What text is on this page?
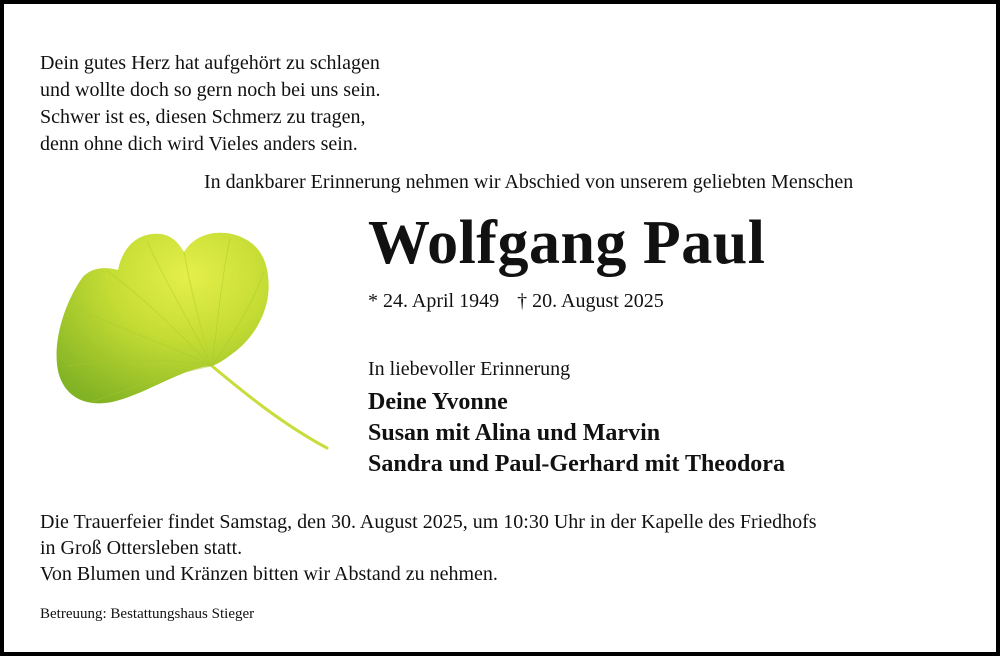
Dein gutes Herz hat aufgehört zu schlagen
und wollte doch so gern noch bei uns sein.
Schwer ist es, diesen Schmerz zu tragen,
denn ohne dich wird Vieles anders sein.
In dankbarer Erinnerung nehmen wir Abschied von unserem geliebten Menschen
Wolfgang Paul
* 24. April 1949 † 20. August 2025
In liebevoller Erinnerung
Deine Yvonne
Susan mit Alina und Marvin
Sandra und Paul-Gerhard mit Theodora
Die Trauerfeier findet Samstag, den 30. August 2025, um 10:30 Uhr in der Kapelle des Friedhofs
in Groß Ottersleben statt.
Von Blumen und Kränzen bitten wir Abstand zu nehmen.
Betreuung: Bestattungshaus Stieger
